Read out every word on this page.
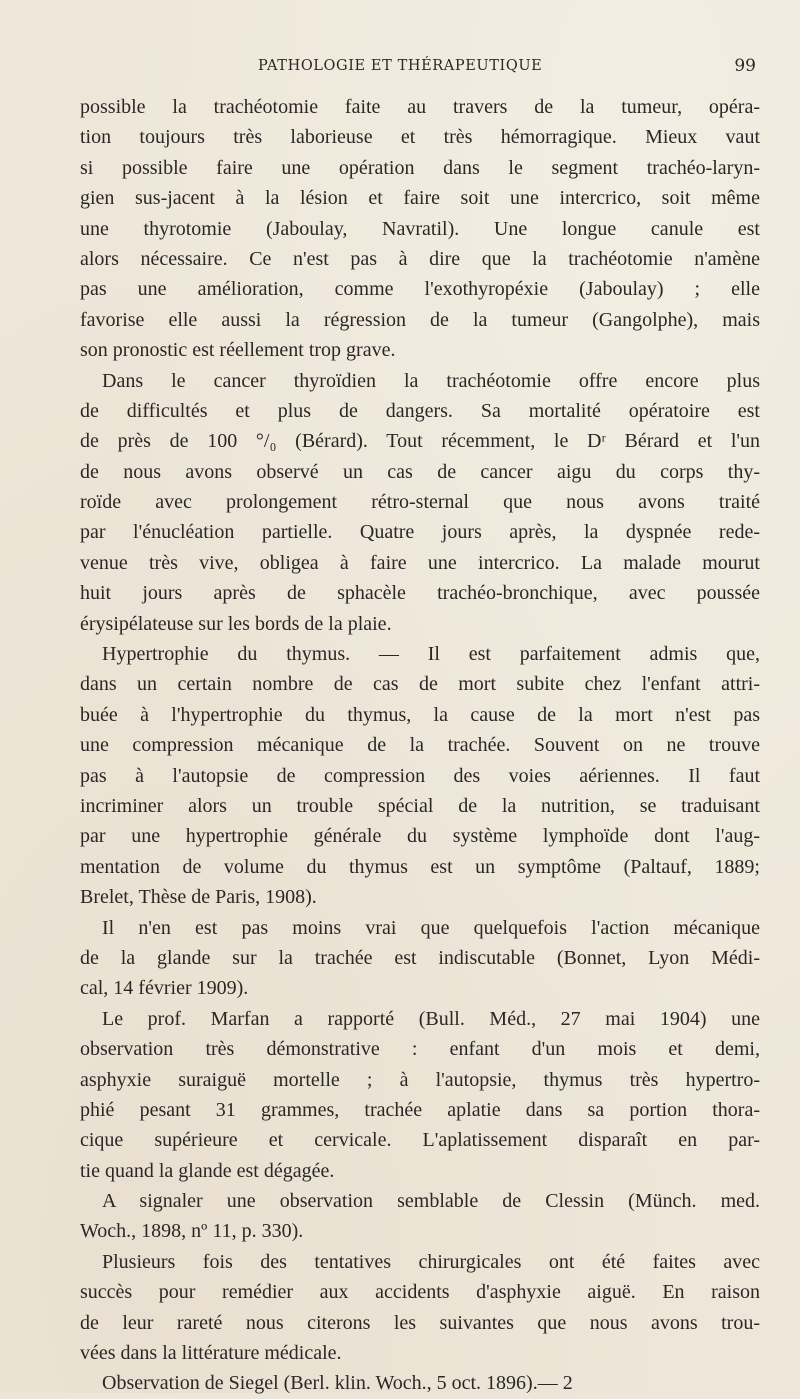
PATHOLOGIE ET THÉRAPEUTIQUE	99
possible la trachéotomie faite au travers de la tumeur, opéra-
tion toujours très laborieuse et très hémorragique. Mieux vaut
si possible faire une opération dans le segment trachéo-laryn-
gien sus-jacent à la lésion et faire soit une intercrico, soit même
une thyrotomie (Jaboulay, Navratil). Une longue canule est
alors nécessaire. Ce n'est pas à dire que la trachéotomie n'amène
pas une amélioration, comme l'exothyropéxie (Jaboulay) ; elle
favorise elle aussi la régression de la tumeur (Gangolphe), mais
son pronostic est réellement trop grave.
Dans le cancer thyroïdien la trachéotomie offre encore plus
de difficultés et plus de dangers. Sa mortalité opératoire est
de près de 100 °/₀ (Bérard). Tout récemment, le Dʳ Bérard et l'un
de nous avons observé un cas de cancer aigu du corps thy-
roïde avec prolongement rétro-sternal que nous avons traité
par l'énucléation partielle. Quatre jours après, la dyspnée rede-
venue très vive, obligea à faire une intercrico. La malade mourut
huit jours après de sphacèle trachéo-bronchique, avec poussée
érysipélateuse sur les bords de la plaie.
Hypertrophie du thymus. — Il est parfaitement admis que,
dans un certain nombre de cas de mort subite chez l'enfant attri-
buée à l'hypertrophie du thymus, la cause de la mort n'est pas
une compression mécanique de la trachée. Souvent on ne trouve
pas à l'autopsie de compression des voies aériennes. Il faut
incriminer alors un trouble spécial de la nutrition, se traduisant
par une hypertrophie générale du système lymphoïde dont l'aug-
mentation de volume du thymus est un symptôme (Paltauf, 1889;
Brelet, Thèse de Paris, 1908).
Il n'en est pas moins vrai que quelquefois l'action mécanique
de la glande sur la trachée est indiscutable (Bonnet, Lyon Médi-
cal, 14 février 1909).
Le prof. Marfan a rapporté (Bull. Méd., 27 mai 1904) une
observation très démonstrative : enfant d'un mois et demi,
asphyxie suraiguë mortelle ; à l'autopsie, thymus très hypertro-
phié pesant 31 grammes, trachée aplatie dans sa portion thora-
cique supérieure et cervicale. L'aplatissement disparaît en par-
tie quand la glande est dégagée.
A signaler une observation semblable de Clessin (Münch. med.
Woch., 1898, nº 11, p. 330).
Plusieurs fois des tentatives chirurgicales ont été faites avec
succès pour remédier aux accidents d'asphyxie aiguë. En raison
de leur rareté nous citerons les suivantes que nous avons trou-
vées dans la littérature médicale.
Observation de Siegel (Berl. klin. Woch., 5 oct. 1896).— 2
